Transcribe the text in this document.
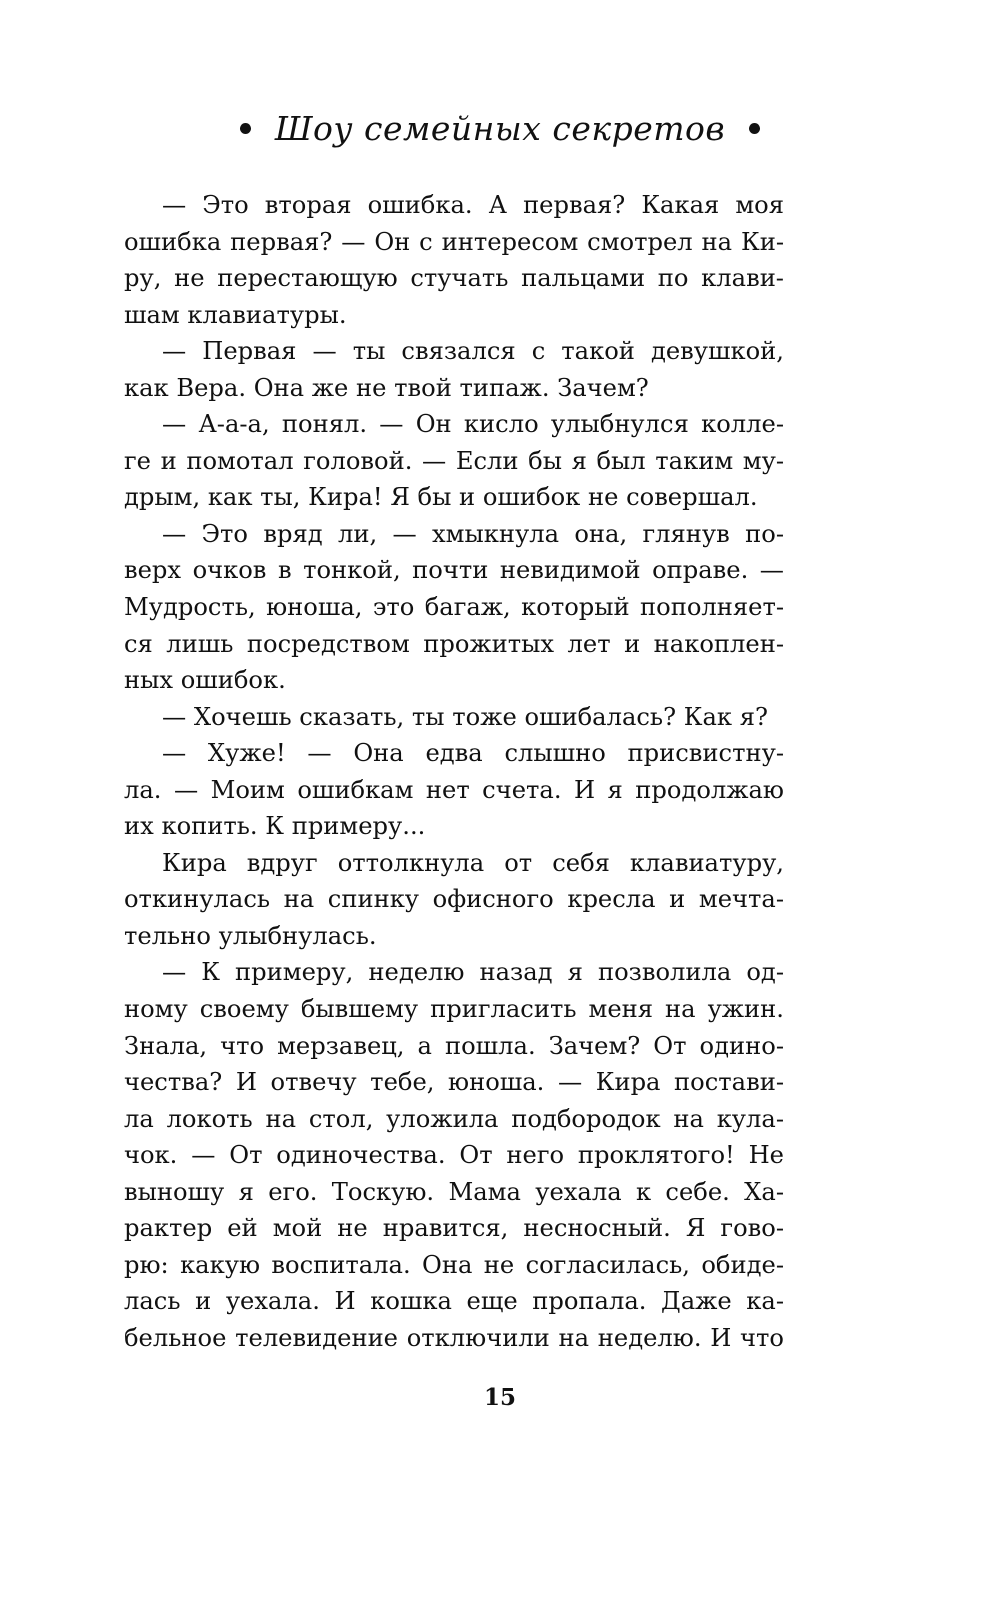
Шоу семейных секретов
— Это вторая ошибка. А первая? Какая моя
ошибка первая? — Он с интересом смотрел на Ки-
ру, не перестающую стучать пальцами по клави-
шам клавиатуры.
— Первая — ты связался с такой девушкой,
как Вера. Она же не твой типаж. Зачем?
— А-а-а, понял. — Он кисло улыбнулся колле-
ге и помотал головой. — Если бы я был таким му-
дрым, как ты, Кира! Я бы и ошибок не совершал.
— Это вряд ли, — хмыкнула она, глянув по-
верх очков в тонкой, почти невидимой оправе. —
Мудрость, юноша, это багаж, который пополняет-
ся лишь посредством прожитых лет и накоплен-
ных ошибок.
— Хочешь сказать, ты тоже ошибалась? Как я?
— Хуже! — Она едва слышно присвистну-
ла. — Моим ошибкам нет счета. И я продолжаю
их копить. К примеру...
Кира вдруг оттолкнула от себя клавиатуру,
откинулась на спинку офисного кресла и мечта-
тельно улыбнулась.
— К примеру, неделю назад я позволила од-
ному своему бывшему пригласить меня на ужин.
Знала, что мерзавец, а пошла. Зачем? От одино-
чества? И отвечу тебе, юноша. — Кира постави-
ла локоть на стол, уложила подбородок на кула-
чок. — От одиночества. От него проклятого! Не
выношу я его. Тоскую. Мама уехала к себе. Ха-
рактер ей мой не нравится, несносный. Я гово-
рю: какую воспитала. Она не согласилась, обиде-
лась и уехала. И кошка еще пропала. Даже ка-
бельное телевидение отключили на неделю. И что
15
